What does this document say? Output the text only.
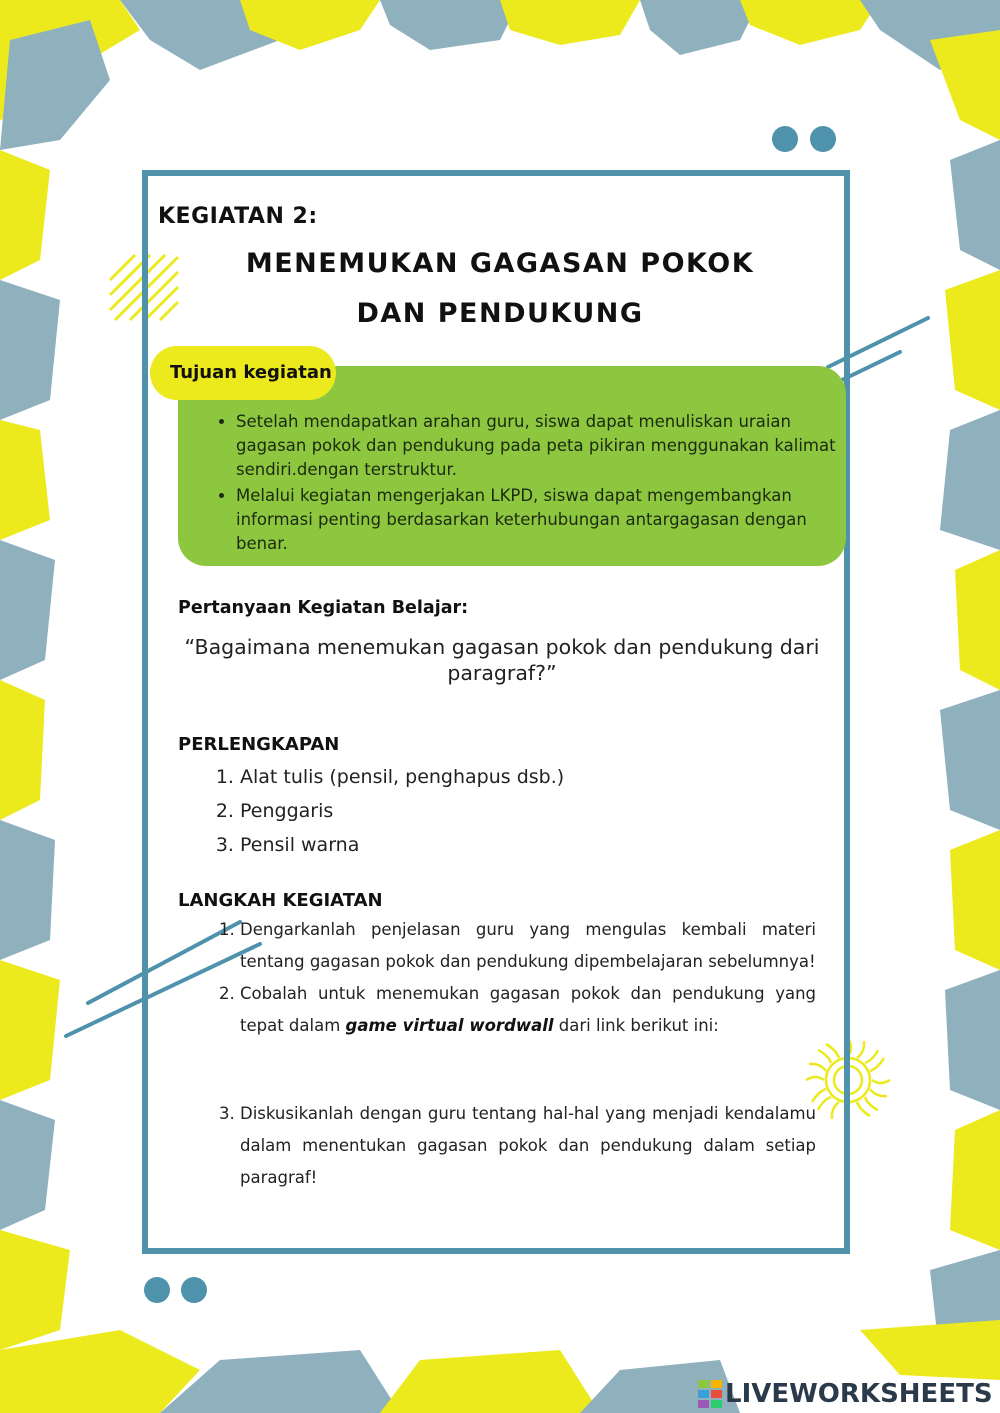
KEGIATAN 2:
MENEMUKAN GAGASAN POKOK
DAN PENDUKUNG
Tujuan kegiatan
• Setelah mendapatkan arahan guru, siswa dapat menuliskan uraian gagasan pokok dan pendukung pada peta pikiran menggunakan kalimat sendiri.dengan terstruktur.
• Melalui kegiatan mengerjakan LKPD, siswa dapat mengembangkan informasi penting berdasarkan keterhubungan antargagasan dengan benar.
Pertanyaan Kegiatan Belajar:
“Bagaimana menemukan gagasan pokok dan pendukung dari paragraf?”
PERLENGKAPAN
1. Alat tulis (pensil, penghapus dsb.)
2. Penggaris
3. Pensil warna
LANGKAH KEGIATAN
1. Dengarkanlah penjelasan guru yang mengulas kembali materi tentang gagasan pokok dan pendukung dipembelajaran sebelumnya!
2. Cobalah untuk menemukan gagasan pokok dan pendukung yang tepat dalam game virtual wordwall dari link berikut ini:
3. Diskusikanlah dengan guru tentang hal-hal yang menjadi kendalamu dalam menentukan gagasan pokok dan pendukung dalam setiap paragraf!
LIVEWORKSHEETS
